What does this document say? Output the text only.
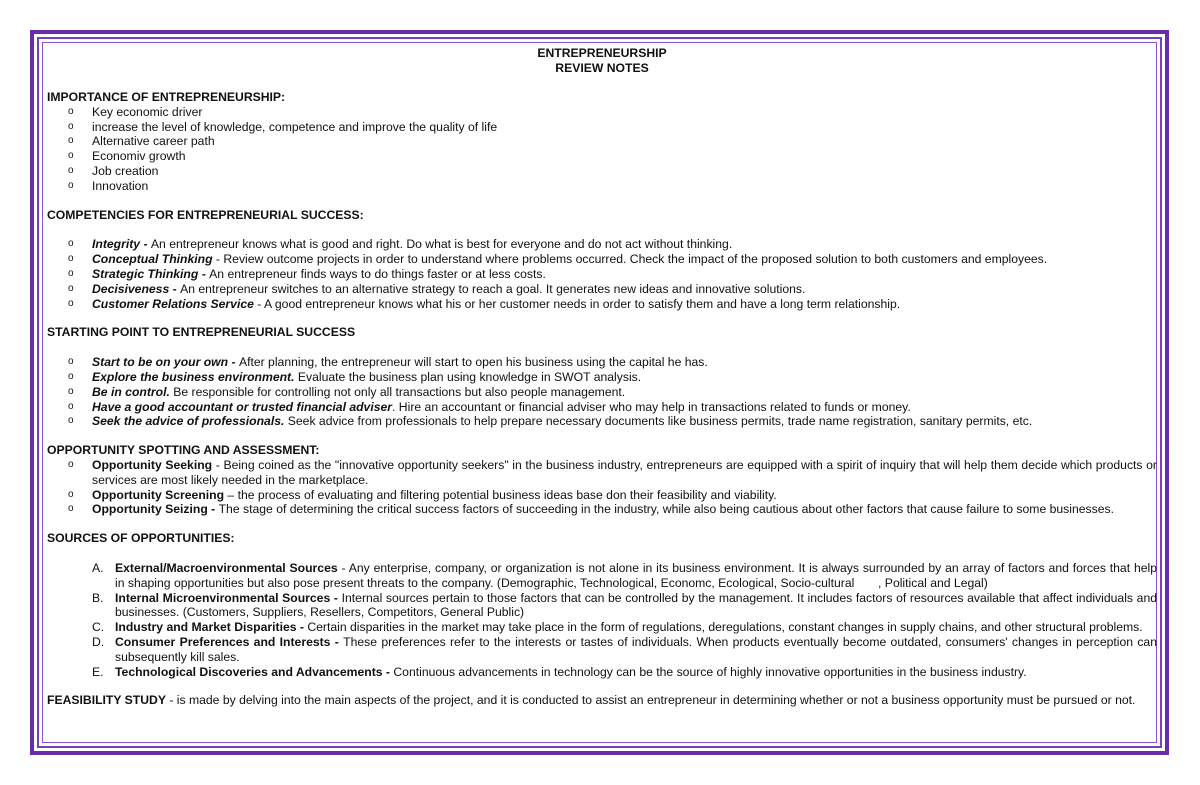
ENTREPRENEURSHIP
REVIEW NOTES
IMPORTANCE OF ENTREPRENEURSHIP:
o Key economic driver
o increase the level of knowledge, competence and improve the quality of life
o Alternative career path
o Economiv growth
o Job creation
o Innovation
COMPETENCIES FOR ENTREPRENEURIAL SUCCESS:
o Integrity - An entrepreneur knows what is good and right. Do what is best for everyone and do not act without thinking.
o Conceptual Thinking - Review outcome projects in order to understand where problems occurred. Check the impact of the proposed solution to both customers and employees.
o Strategic Thinking - An entrepreneur finds ways to do things faster or at less costs.
o Decisiveness - An entrepreneur switches to an alternative strategy to reach a goal. It generates new ideas and innovative solutions.
o Customer Relations Service - A good entrepreneur knows what his or her customer needs in order to satisfy them and have a long term relationship.
STARTING POINT TO ENTREPRENEURIAL SUCCESS
o Start to be on your own - After planning, the entrepreneur will start to open his business using the capital he has.
o Explore the business environment. Evaluate the business plan using knowledge in SWOT analysis.
o Be in control. Be responsible for controlling not only all transactions but also people management.
o Have a good accountant or trusted financial adviser. Hire an accountant or financial adviser who may help in transactions related to funds or money.
o Seek the advice of professionals. Seek advice from professionals to help prepare necessary documents like business permits, trade name registration, sanitary permits, etc.
OPPORTUNITY SPOTTING AND ASSESSMENT:
o Opportunity Seeking - Being coined as the "innovative opportunity seekers" in the business industry, entrepreneurs are equipped with a spirit of inquiry that will help them decide which products or services are most likely needed in the marketplace.
o Opportunity Screening – the process of evaluating and filtering potential business ideas base don their feasibility and viability.
o Opportunity Seizing - The stage of determining the critical success factors of succeeding in the industry, while also being cautious about other factors that cause failure to some businesses.
SOURCES OF OPPORTUNITIES:
A. External/Macroenvironmental Sources - Any enterprise, company, or organization is not alone in its business environment. It is always surrounded by an array of factors and forces that help in shaping opportunities but also pose present threats to the company. (Demographic, Technological, Economc, Ecological, Socio-cultural       , Political and Legal)
B. Internal Microenvironmental Sources - Internal sources pertain to those factors that can be controlled by the management. It includes factors of resources available that affect individuals and businesses. (Customers, Suppliers, Resellers, Competitors, General Public)
C. Industry and Market Disparities - Certain disparities in the market may take place in the form of regulations, deregulations, constant changes in supply chains, and other structural problems.
D. Consumer Preferences and Interests - These preferences refer to the interests or tastes of individuals. When products eventually become outdated, consumers' changes in perception can subsequently kill sales.
E. Technological Discoveries and Advancements - Continuous advancements in technology can be the source of highly innovative opportunities in the business industry.
FEASIBILITY STUDY - is made by delving into the main aspects of the project, and it is conducted to assist an entrepreneur in determining whether or not a business opportunity must be pursued or not.
